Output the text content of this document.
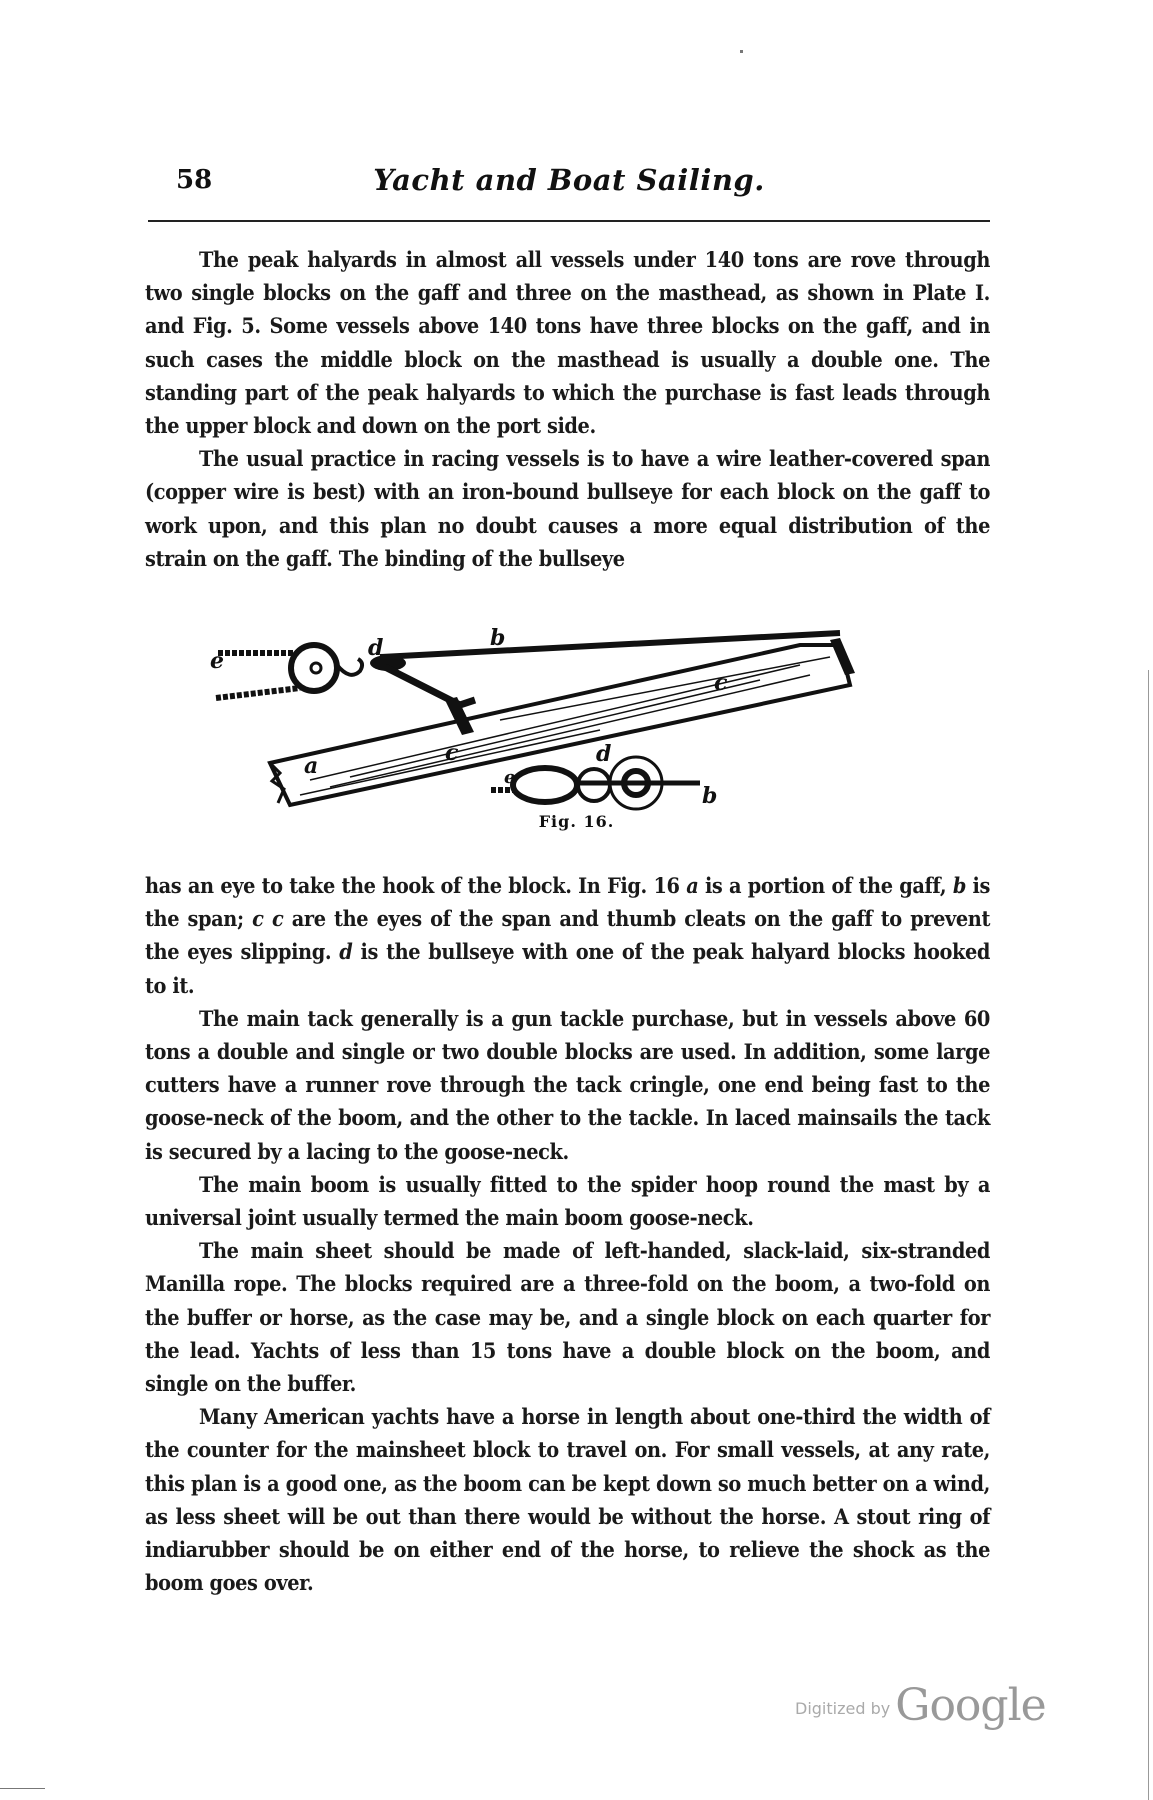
58	Yacht and Boat Sailing.

The peak halyards in almost all vessels under 140 tons are rove through two single blocks on the gaff and three on the masthead, as shown in Plate I. and Fig. 5. Some vessels above 140 tons have three blocks on the gaff, and in such cases the middle block on the masthead is usually a double one. The standing part of the peak halyards to which the purchase is fast leads through the upper block and down on the port side.

The usual practice in racing vessels is to have a wire leather-covered span (copper wire is best) with an iron-bound bullseye for each block on the gaff to work upon, and this plan no doubt causes a more equal distribution of the strain on the gaff. The binding of the bullseye

e	d	b
c
c
a	e
d
b
Fig. 16.

has an eye to take the hook of the block. In Fig. 16 a is a portion of the gaff, b is the span; c c are the eyes of the span and thumb cleats on the gaff to prevent the eyes slipping. d is the bullseye with one of the peak halyard blocks hooked to it.

The main tack generally is a gun tackle purchase, but in vessels above 60 tons a double and single or two double blocks are used. In addition, some large cutters have a runner rove through the tack cringle, one end being fast to the goose-neck of the boom, and the other to the tackle. In laced mainsails the tack is secured by a lacing to the goose-neck.

The main boom is usually fitted to the spider hoop round the mast by a universal joint usually termed the main boom goose-neck.

The main sheet should be made of left-handed, slack-laid, six-stranded Manilla rope. The blocks required are a three-fold on the boom, a two-fold on the buffer or horse, as the case may be, and a single block on each quarter for the lead. Yachts of less than 15 tons have a double block on the boom, and single on the buffer.

Many American yachts have a horse in length about one-third the width of the counter for the mainsheet block to travel on. For small vessels, at any rate, this plan is a good one, as the boom can be kept down so much better on a wind, as less sheet will be out than there would be without the horse. A stout ring of indiarubber should be on either end of the horse, to relieve the shock as the boom goes over.

Digitized by Google
